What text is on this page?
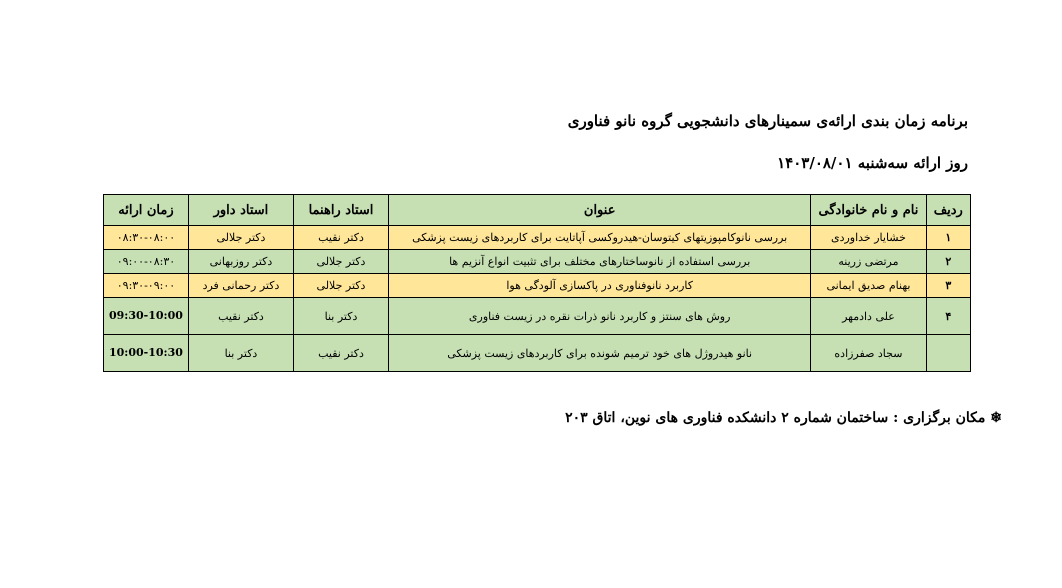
برنامه زمان بندی ارائه‌ی سمینارهای دانشجویی گروه نانو فناوری
روز ارائه سه‌شنبه ۱۴۰۳/۰۸/۰۱
ردیف	نام و نام خانوادگی	عنوان	استاد راهنما	استاد داور	زمان ارائه
۱	خشایار خداوردی	بررسی نانوکامپوزیتهای کیتوسان-هیدروکسی آپاتایت برای کاربردهای زیست پزشکی	دکتر نقیب	دکتر جلالی	۰۸:۳۰-۰۸:۰۰
۲	مرتضی زرینه	بررسی استفاده از نانوساختارهای مختلف برای تثبیت انواع آنزیم ها	دکتر جلالی	دکتر روزبهانی	۰۹:۰۰-۰۸:۳۰
۳	بهنام صدیق ایمانی	کاربرد نانوفناوری در پاکسازی آلودگی هوا	دکتر جلالی	دکتر رحمانی فرد	۰۹:۳۰-۰۹:۰۰
۴	علی دادمهر	روش های سنتز و کاربرد نانو ذرات نقره در زیست فناوری	دکتر بنا	دکتر نقیب	09:30-10:00
	سجاد صفرزاده	نانو هیدروژل های خود ترمیم شونده برای کاربردهای زیست پزشکی	دکتر نقیب	دکتر بنا	10:00-10:30
❄ مکان برگزاری : ساختمان شماره ۲ دانشکده فناوری های نوین، اتاق ۲۰۳
